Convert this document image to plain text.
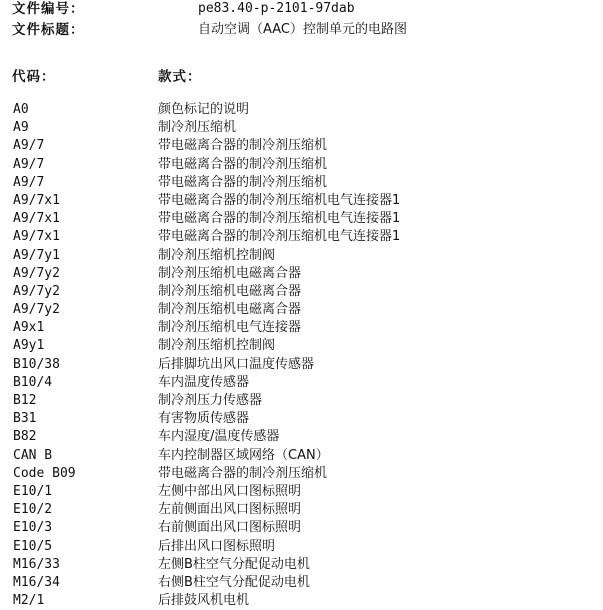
文件编号：	pe83.40-p-2101-97dab
文件标题：	自动空调（AAC）控制单元的电路图
代码：	款式：
A0	颜色标记的说明
A9	制冷剂压缩机
A9/7	带电磁离合器的制冷剂压缩机
A9/7	带电磁离合器的制冷剂压缩机
A9/7	带电磁离合器的制冷剂压缩机
A9/7x1	带电磁离合器的制冷剂压缩机电气连接器1
A9/7x1	带电磁离合器的制冷剂压缩机电气连接器1
A9/7x1	带电磁离合器的制冷剂压缩机电气连接器1
A9/7y1	制冷剂压缩机控制阀
A9/7y2	制冷剂压缩机电磁离合器
A9/7y2	制冷剂压缩机电磁离合器
A9/7y2	制冷剂压缩机电磁离合器
A9x1	制冷剂压缩机电气连接器
A9y1	制冷剂压缩机控制阀
B10/38	后排脚坑出风口温度传感器
B10/4	车内温度传感器
B12	制冷剂压力传感器
B31	有害物质传感器
B82	车内湿度/温度传感器
CAN B	车内控制器区域网络（CAN）
Code B09	带电磁离合器的制冷剂压缩机
E10/1	左侧中部出风口图标照明
E10/2	左前侧面出风口图标照明
E10/3	右前侧面出风口图标照明
E10/5	后排出风口图标照明
M16/33	左侧B柱空气分配促动电机
M16/34	右侧B柱空气分配促动电机
M2/1	后排鼓风机电机
